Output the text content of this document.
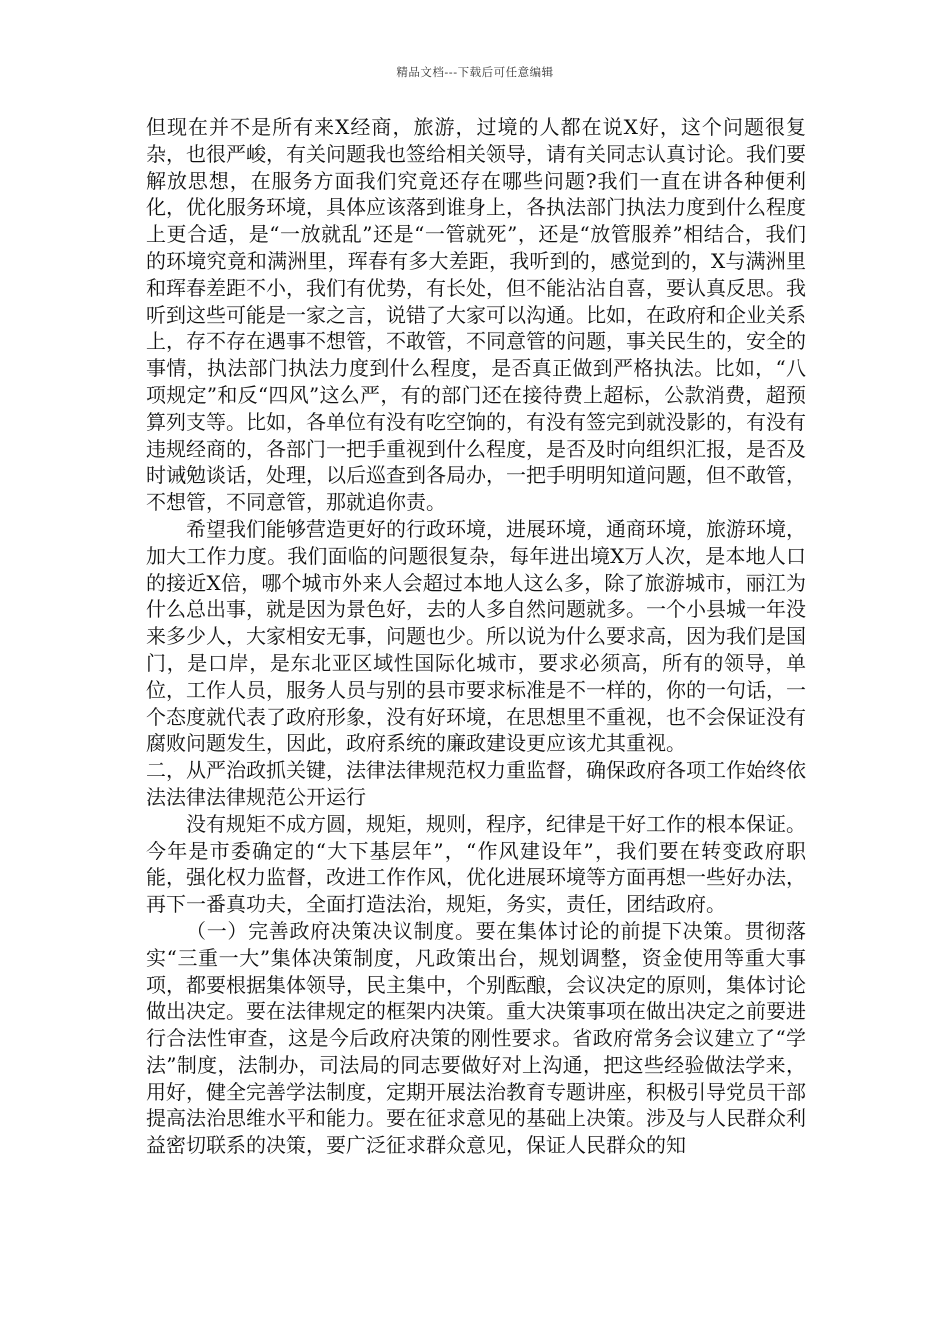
精品文档---下载后可任意编辑

但现在并不是所有来X经商，旅游，过境的人都在说X好，这个问题很复杂，也很严峻，有关问题我也签给相关领导，请有关同志认真讨论。我们要解放思想，在服务方面我们究竟还存在哪些问题?我们一直在讲各种便利化，优化服务环境，具体应该落到谁身上，各执法部门执法力度到什么程度上更合适，是“一放就乱”还是“一管就死”，还是“放管服养”相结合，我们的环境究竟和满洲里，珲春有多大差距，我听到的，感觉到的，X与满洲里和珲春差距不小，我们有优势，有长处，但不能沾沾自喜，要认真反思。我听到这些可能是一家之言，说错了大家可以沟通。比如，在政府和企业关系上，存不存在遇事不想管，不敢管，不同意管的问题，事关民生的，安全的事情，执法部门执法力度到什么程度，是否真正做到严格执法。比如，“八项规定”和反“四风”这么严，有的部门还在接待费上超标，公款消费，超预算列支等。比如，各单位有没有吃空饷的，有没有签完到就没影的，有没有违规经商的，各部门一把手重视到什么程度，是否及时向组织汇报，是否及时诫勉谈话，处理，以后巡查到各局办，一把手明明知道问题，但不敢管，不想管，不同意管，那就追你责。

希望我们能够营造更好的行政环境，进展环境，通商环境，旅游环境，加大工作力度。我们面临的问题很复杂，每年进出境X万人次，是本地人口的接近X倍，哪个城市外来人会超过本地人这么多，除了旅游城市，丽江为什么总出事，就是因为景色好，去的人多自然问题就多。一个小县城一年没来多少人，大家相安无事，问题也少。所以说为什么要求高，因为我们是国门，是口岸，是东北亚区域性国际化城市，要求必须高，所有的领导，单位，工作人员，服务人员与别的县市要求标准是不一样的，你的一句话，一个态度就代表了政府形象，没有好环境，在思想里不重视，也不会保证没有腐败问题发生，因此，政府系统的廉政建设更应该尤其重视。

二，从严治政抓关键，法律法律规范权力重监督，确保政府各项工作始终依法法律法律规范公开运行

没有规矩不成方圆，规矩，规则，程序，纪律是干好工作的根本保证。今年是市委确定的“大下基层年”，“作风建设年”，我们要在转变政府职能，强化权力监督，改进工作作风，优化进展环境等方面再想一些好办法，再下一番真功夫，全面打造法治，规矩，务实，责任，团结政府。

（一）完善政府决策决议制度。要在集体讨论的前提下决策。贯彻落实“三重一大”集体决策制度，凡政策出台，规划调整，资金使用等重大事项，都要根据集体领导，民主集中，个别酝酿，会议决定的原则，集体讨论做出决定。要在法律规定的框架内决策。重大决策事项在做出决定之前要进行合法性审查，这是今后政府决策的刚性要求。省政府常务会议建立了“学法”制度，法制办，司法局的同志要做好对上沟通，把这些经验做法学来，用好，健全完善学法制度，定期开展法治教育专题讲座，积极引导党员干部提高法治思维水平和能力。要在征求意见的基础上决策。涉及与人民群众利益密切联系的决策，要广泛征求群众意见，保证人民群众的知
